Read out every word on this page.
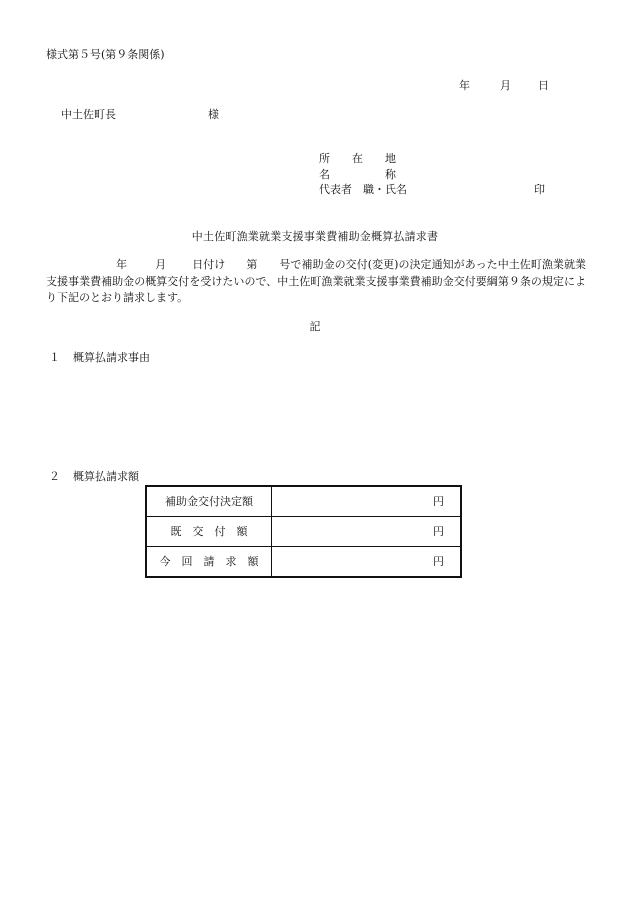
様式第５号(第９条関係)
年	月 日
中土佐町長	様
所　　在　　地
名　　　　　称
代表者　職・氏名	印
中土佐町漁業就業支援事業費補助金概算払請求書
年	月 日付け 第 号で補助金の交付(変更)の決定通知があった中土佐町漁業就業支援事業費補助金の概算交付を受けたいので、中土佐町漁業就業支援事業費補助金交付要綱第９条の規定により下記のとおり請求します。
記
１ 概算払請求事由
２ 概算払請求額
補助金交付決定額	円
既　交　付　額	円
今　回　請　求　額	円
